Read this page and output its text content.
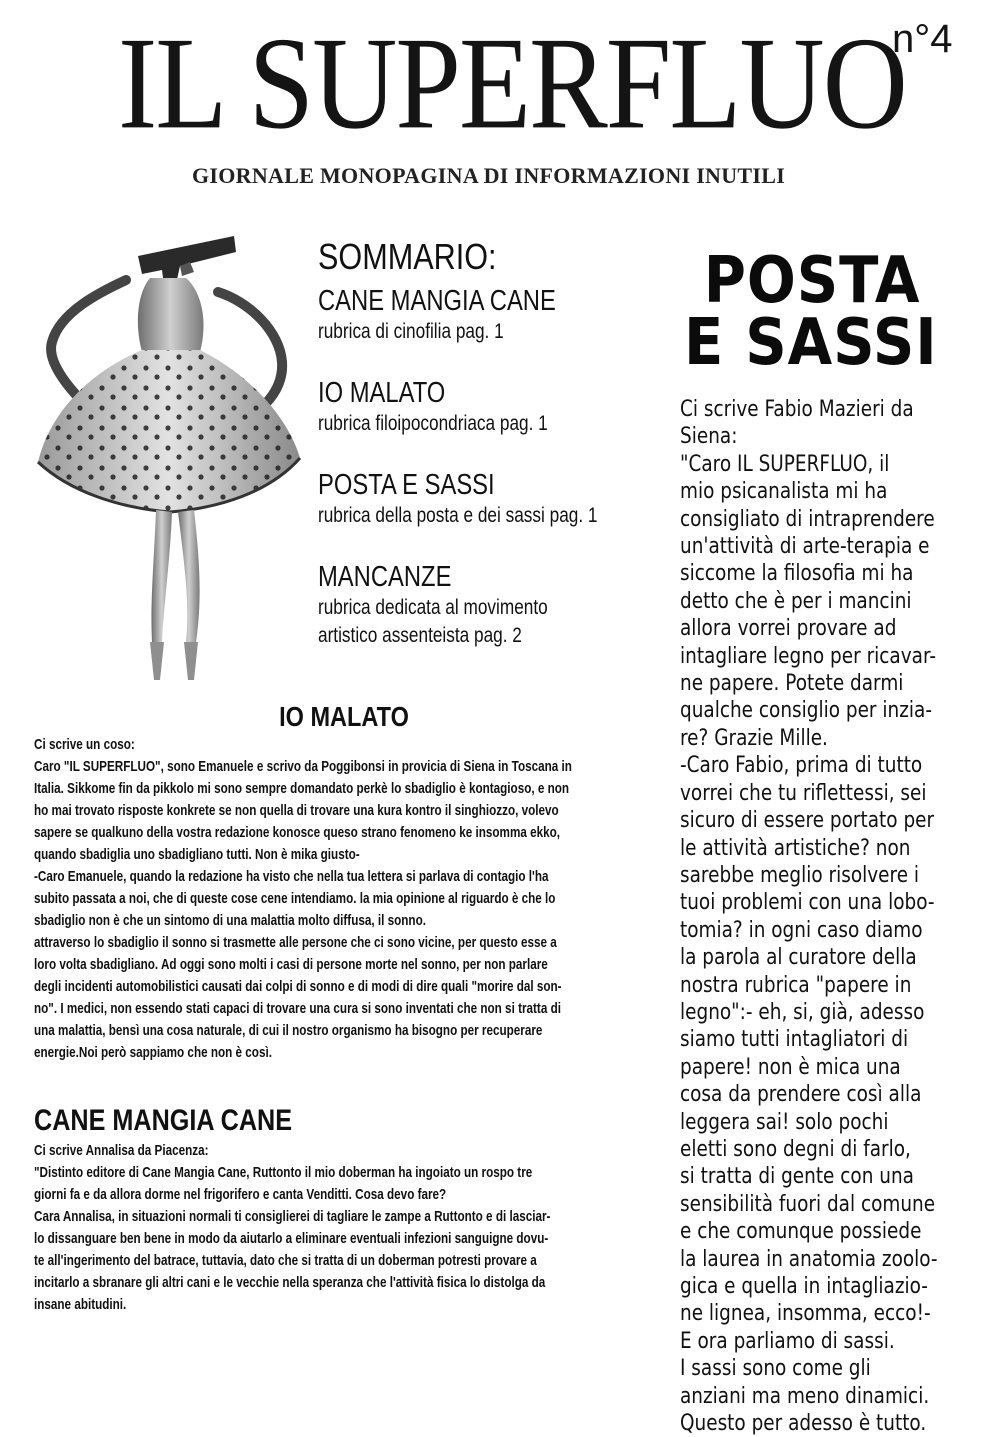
IL SUPERFLUO
n°4
GIORNALE MONOPAGINA DI INFORMAZIONI INUTILI
SOMMARIO:
CANE MANGIA CANE
rubrica di cinofilia pag. 1
IO MALATO
rubrica filoipocondriaca pag. 1
POSTA E SASSI
rubrica della posta e dei sassi pag. 1
MANCANZE
rubrica dedicata al movimento
artistico assenteista pag. 2
IO MALATO
Ci scrive un coso:
Caro "IL SUPERFLUO", sono Emanuele e scrivo da Poggibonsi in provicia di Siena in Toscana in
Italia. Sikkome fin da pikkolo mi sono sempre domandato perkè lo sbadiglio è kontagioso, e non
ho mai trovato risposte konkrete se non quella di trovare una kura kontro il singhiozzo, volevo
sapere se qualkuno della vostra redazione konosce queso strano fenomeno ke insomma ekko,
quando sbadiglia uno sbadigliano tutti. Non è mika giusto-
-Caro Emanuele, quando la redazione ha visto che nella tua lettera si parlava di contagio l'ha
subito passata a noi, che di queste cose cene intendiamo. la mia opinione al riguardo è che lo
sbadiglio non è che un sintomo di una malattia molto diffusa, il sonno.
attraverso lo sbadiglio il sonno si trasmette alle persone che ci sono vicine, per questo esse a
loro volta sbadigliano. Ad oggi sono molti i casi di persone morte nel sonno, per non parlare
degli incidenti automobilistici causati dai colpi di sonno e di modi di dire quali "morire dal son-
no". I medici, non essendo stati capaci di trovare una cura si sono inventati che non si tratta di
una malattia, bensì una cosa naturale, di cui il nostro organismo ha bisogno per recuperare
energie.Noi però sappiamo che non è così.
CANE MANGIA CANE
Ci scrive Annalisa da Piacenza:
"Distinto editore di Cane Mangia Cane, Ruttonto il mio doberman ha ingoiato un rospo tre
giorni fa e da allora dorme nel frigorifero e canta Venditti. Cosa devo fare?
Cara Annalisa, in situazioni normali ti consiglierei di tagliare le zampe a Ruttonto e di lasciar-
lo dissanguare ben bene in modo da aiutarlo a eliminare eventuali infezioni sanguigne dovu-
te all'ingerimento del batrace, tuttavia, dato che si tratta di un doberman potresti provare a
incitarlo a sbranare gli altri cani e le vecchie nella speranza che l'attività fisica lo distolga da
insane abitudini.
POSTA
E SASSI
Ci scrive Fabio Mazieri da
Siena:
"Caro IL SUPERFLUO, il
mio psicanalista mi ha
consigliato di intraprendere
un'attività di arte-terapia e
siccome la filosofia mi ha
detto che è per i mancini
allora vorrei provare ad
intagliare legno per ricavar-
ne papere. Potete darmi
qualche consiglio per inzia-
re? Grazie Mille.
-Caro Fabio, prima di tutto
vorrei che tu riflettessi, sei
sicuro di essere portato per
le attività artistiche? non
sarebbe meglio risolvere i
tuoi problemi con una lobo-
tomia? in ogni caso diamo
la parola al curatore della
nostra rubrica "papere in
legno":- eh, si, già, adesso
siamo tutti intagliatori di
papere! non è mica una
cosa da prendere così alla
leggera sai! solo pochi
eletti sono degni di farlo,
si tratta di gente con una
sensibilità fuori dal comune
e che comunque possiede
la laurea in anatomia zoolo-
gica e quella in intagliazio-
ne lignea, insomma, ecco!-
E ora parliamo di sassi.
I sassi sono come gli
anziani ma meno dinamici.
Questo per adesso è tutto.
